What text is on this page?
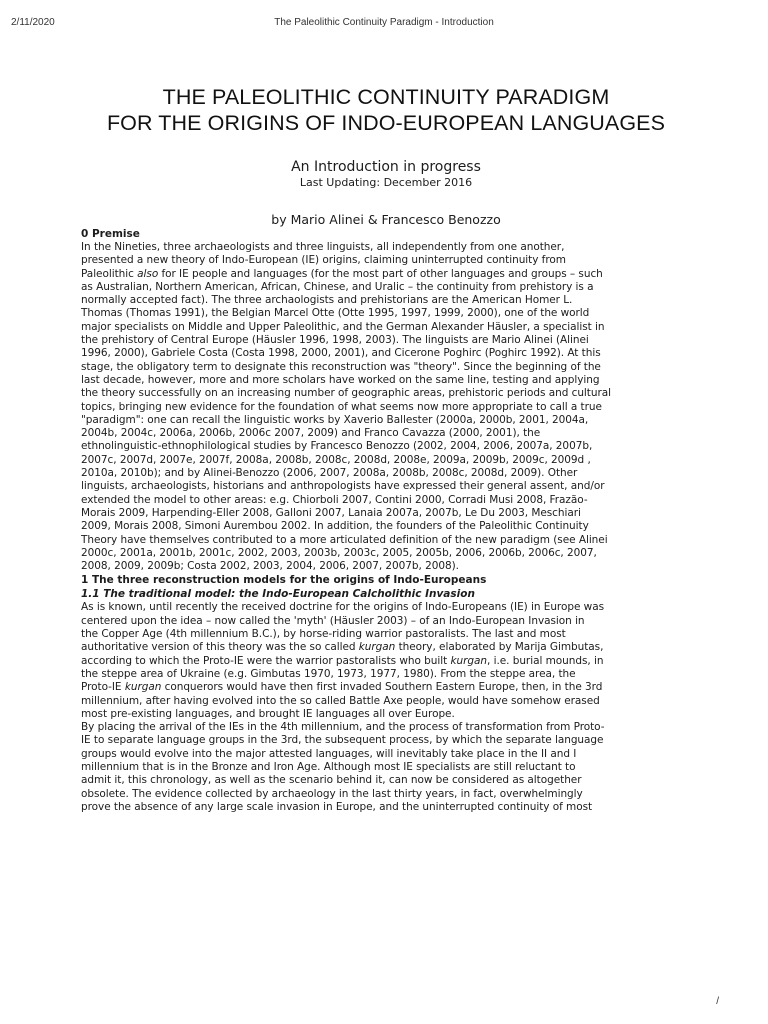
2/11/2020	The Paleolithic Continuity Paradigm - Introduction
THE PALEOLITHIC CONTINUITY PARADIGM
FOR THE ORIGINS OF INDO-EUROPEAN LANGUAGES
An Introduction in progress
Last Updating: December 2016
by Mario Alinei & Francesco Benozzo
0 Premise

In the Nineties, three archaeologists and three linguists, all independently from one another,
presented a new theory of Indo-European (IE) origins, claiming uninterrupted continuity from
Paleolithic also for IE people and languages (for the most part of other languages and groups – such
as Australian, Northern American, African, Chinese, and Uralic – the continuity from prehistory is a
normally accepted fact). The three archaologists and prehistorians are the American Homer L.
Thomas (Thomas 1991), the Belgian Marcel Otte (Otte 1995, 1997, 1999, 2000), one of the world
major specialists on Middle and Upper Paleolithic, and the German Alexander Häusler, a specialist in
the prehistory of Central Europe (Häusler 1996, 1998, 2003). The linguists are Mario Alinei (Alinei
1996, 2000), Gabriele Costa (Costa 1998, 2000, 2001), and Cicerone Poghirc (Poghirc 1992). At this
stage, the obligatory term to designate this reconstruction was "theory". Since the beginning of the
last decade, however, more and more scholars have worked on the same line, testing and applying
the theory successfully on an increasing number of geographic areas, prehistoric periods and cultural
topics, bringing new evidence for the foundation of what seems now more appropriate to call a true
"paradigm": one can recall the linguistic works by Xaverio Ballester (2000a, 2000b, 2001, 2004a,
2004b, 2004c, 2006a, 2006b, 2006c 2007, 2009) and Franco Cavazza (2000, 2001), the
ethnolinguistic-ethnophilological studies by Francesco Benozzo (2002, 2004, 2006, 2007a, 2007b,
2007c, 2007d, 2007e, 2007f, 2008a, 2008b, 2008c, 2008d, 2008e, 2009a, 2009b, 2009c, 2009d ,
2010a, 2010b); and by Alinei-Benozzo (2006, 2007, 2008a, 2008b, 2008c, 2008d, 2009). Other
linguists, archaeologists, historians and anthropologists have expressed their general assent, and/or
extended the model to other areas: e.g. Chiorboli 2007, Contini 2000, Corradi Musi 2008, Frazão-
Morais 2009, Harpending-Eller 2008, Galloni 2007, Lanaia 2007a, 2007b, Le Du 2003, Meschiari
2009, Morais 2008, Simoni Aurembou 2002. In addition, the founders of the Paleolithic Continuity
Theory have themselves contributed to a more articulated definition of the new paradigm (see Alinei
2000c, 2001a, 2001b, 2001c, 2002, 2003, 2003b, 2003c, 2005, 2005b, 2006, 2006b, 2006c, 2007,
2008, 2009, 2009b; Costa 2002, 2003, 2004, 2006, 2007, 2007b, 2008).

1 The three reconstruction models for the origins of Indo-Europeans
1.1 The traditional model: the Indo-European Calcholithic Invasion

As is known, until recently the received doctrine for the origins of Indo-Europeans (IE) in Europe was
centered upon the idea – now called the 'myth' (Häusler 2003) – of an Indo-European Invasion in
the Copper Age (4th millennium B.C.), by horse-riding warrior pastoralists. The last and most
authoritative version of this theory was the so called kurgan theory, elaborated by Marija Gimbutas,
according to which the Proto-IE were the warrior pastoralists who built kurgan, i.e. burial mounds, in
the steppe area of Ukraine (e.g. Gimbutas 1970, 1973, 1977, 1980). From the steppe area, the
Proto-IE kurgan conquerors would have then first invaded Southern Eastern Europe, then, in the 3rd
millennium, after having evolved into the so called Battle Axe people, would have somehow erased
most pre-existing languages, and brought IE languages all over Europe.
By placing the arrival of the IEs in the 4th millennium, and the process of transformation from Proto-
IE to separate language groups in the 3rd, the subsequent process, by which the separate language
groups would evolve into the major attested languages, will inevitably take place in the II and I
millennium that is in the Bronze and Iron Age. Although most IE specialists are still reluctant to
admit it, this chronology, as well as the scenario behind it, can now be considered as altogether
obsolete. The evidence collected by archaeology in the last thirty years, in fact, overwhelmingly
prove the absence of any large scale invasion in Europe, and the uninterrupted continuity of most

/
